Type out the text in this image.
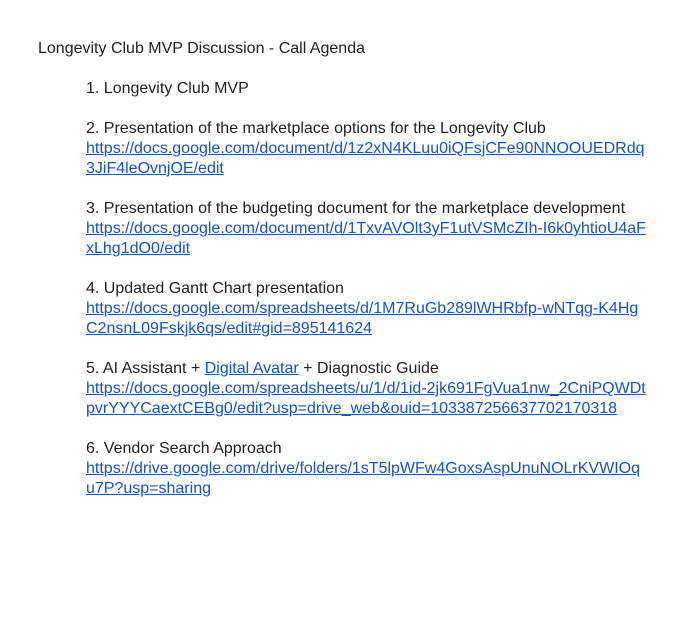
Longevity Club MVP Discussion - Call Agenda
1. Longevity Club MVP
2. Presentation of the marketplace options for the Longevity Club
https://docs.google.com/document/d/1z2xN4KLuu0iQFsjCFe90NNOOUEDRdq3JiF4leOvnjOE/edit
3. Presentation of the budgeting document for the marketplace development
https://docs.google.com/document/d/1TxvAVOlt3yF1utVSMcZIh-I6k0yhtioU4aFxLhg1dO0/edit
4. Updated Gantt Chart presentation
https://docs.google.com/spreadsheets/d/1M7RuGb289lWHRbfp-wNTqg-K4HgC2nsnL09Fskjk6qs/edit#gid=895141624
5. AI Assistant + Digital Avatar + Diagnostic Guide
https://docs.google.com/spreadsheets/u/1/d/1id-2jk691FgVua1nw_2CniPQWDtpvrYYYCaextCEBg0/edit?usp=drive_web&ouid=103387256637702170318
6. Vendor Search Approach
https://drive.google.com/drive/folders/1sT5lpWFw4GoxsAspUnuNOLrKVWIOqu7P?usp=sharing
